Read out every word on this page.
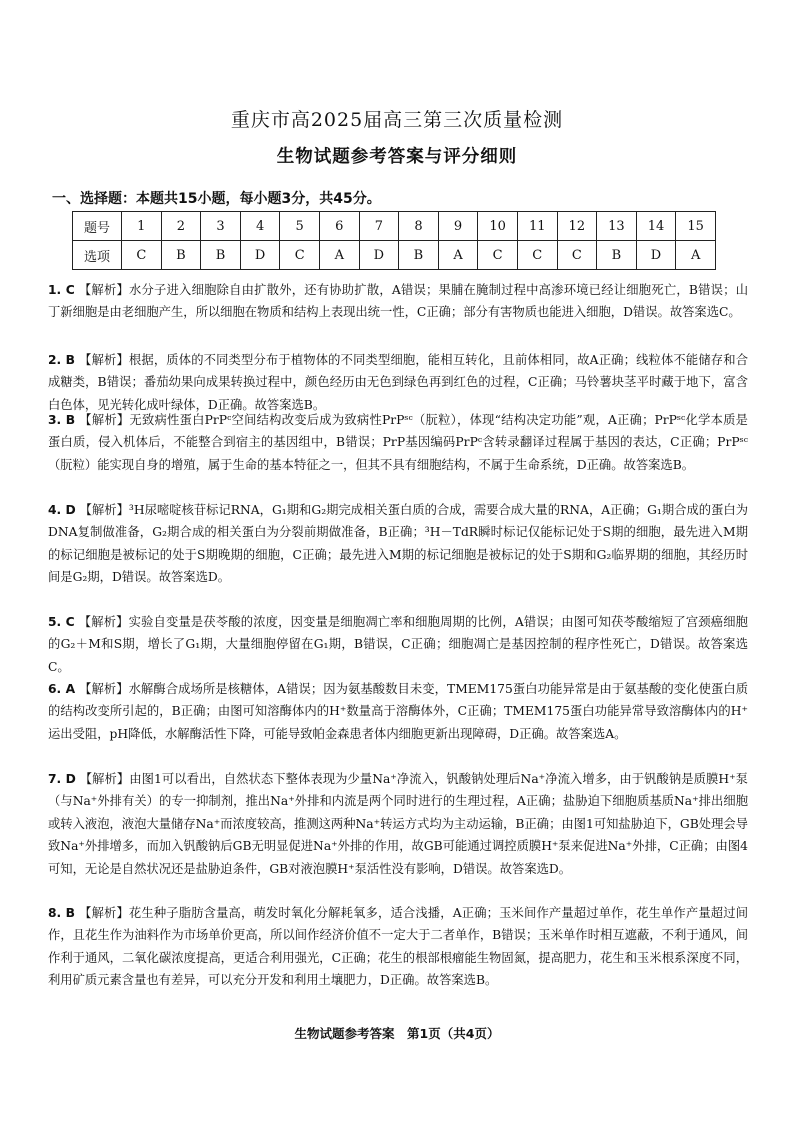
重庆市高2025届高三第三次质量检测
生物试题参考答案与评分细则
一、选择题：本题共15小题，每小题3分，共45分。
题号	1	2	3	4	5	6	7	8	9	10	11	12	13	14	15
选项	C	B	B	D	C	A	D	B	A	C	C	C	B	D	A
1. C 【解析】水分子进入细胞除自由扩散外，还有协助扩散，A错误；果脯在腌制过程中高渗环境已经让细胞死亡，B错误；山丁新细胞是由老细胞产生，所以细胞在物质和结构上表现出统一性，C正确；部分有害物质也能进入细胞，D错误。故答案选C。
2. B 【解析】根据，质体的不同类型分布于植物体的不同类型细胞，能相互转化，且前体相同，故A正确；线粒体不能储存和合成糖类，B错误；番茄幼果向成果转换过程中，颜色经历由无色到绿色再到红色的过程，C正确；马铃薯块茎平时藏于地下，富含白色体，见光转化成叶绿体，D正确。故答案选B。
3. B 【解析】无致病性蛋白PrPᶜ空间结构改变后成为致病性PrPˢᶜ（朊粒），体现“结构决定功能”观，A正确；PrPˢᶜ化学本质是蛋白质，侵入机体后，不能整合到宿主的基因组中，B错误；PrP基因编码PrPᶜ含转录翻译过程属于基因的表达，C正确；PrPˢᶜ（朊粒）能实现自身的增殖，属于生命的基本特征之一，但其不具有细胞结构，不属于生命系统，D正确。故答案选B。
4. D 【解析】³H尿嘧啶核苷标记RNA，G₁期和G₂期完成相关蛋白质的合成，需要合成大量的RNA，A正确；G₁期合成的蛋白为DNA复制做准备，G₂期合成的相关蛋白为分裂前期做准备，B正确；³H－TdR瞬时标记仅能标记处于S期的细胞，最先进入M期的标记细胞是被标记的处于S期晚期的细胞，C正确；最先进入M期的标记细胞是被标记的处于S期和G₂临界期的细胞，其经历时间是G₂期，D错误。故答案选D。
5. C 【解析】实验自变量是茯苓酸的浓度，因变量是细胞凋亡率和细胞周期的比例，A错误；由图可知茯苓酸缩短了宫颈癌细胞的G₂＋M和S期，增长了G₁期，大量细胞停留在G₁期，B错误，C正确；细胞凋亡是基因控制的程序性死亡，D错误。故答案选C。
6. A 【解析】水解酶合成场所是核糖体，A错误；因为氨基酸数目未变，TMEM175蛋白功能异常是由于氨基酸的变化使蛋白质的结构改变所引起的，B正确；由图可知溶酶体内的H⁺数量高于溶酶体外，C正确；TMEM175蛋白功能异常导致溶酶体内的H⁺运出受阻，pH降低，水解酶活性下降，可能导致帕金森患者体内细胞更新出现障碍，D正确。故答案选A。
7. D 【解析】由图1可以看出，自然状态下整体表现为少量Na⁺净流入，钒酸钠处理后Na⁺净流入增多，由于钒酸钠是质膜H⁺泵（与Na⁺外排有关）的专一抑制剂，推出Na⁺外排和内流是两个同时进行的生理过程，A正确；盐胁迫下细胞质基质Na⁺排出细胞或转入液泡，液泡大量储存Na⁺而浓度较高，推测这两种Na⁺转运方式均为主动运输，B正确；由图1可知盐胁迫下，GB处理会导致Na⁺外排增多，而加入钒酸钠后GB无明显促进Na⁺外排的作用，故GB可能通过调控质膜H⁺泵来促进Na⁺外排，C正确；由图4可知，无论是自然状况还是盐胁迫条件，GB对液泡膜H⁺泵活性没有影响，D错误。故答案选D。
8. B 【解析】花生种子脂肪含量高，萌发时氧化分解耗氧多，适合浅播，A正确；玉米间作产量超过单作，花生单作产量超过间作，且花生作为油料作为市场单价更高，所以间作经济价值不一定大于二者单作，B错误；玉米单作时相互遮蔽，不利于通风，间作利于通风，二氧化碳浓度提高，更适合利用强光，C正确；花生的根部根瘤能生物固氮，提高肥力，花生和玉米根系深度不同，利用矿质元素含量也有差异，可以充分开发和利用土壤肥力，D正确。故答案选B。
生物试题参考答案　第1页（共4页）
